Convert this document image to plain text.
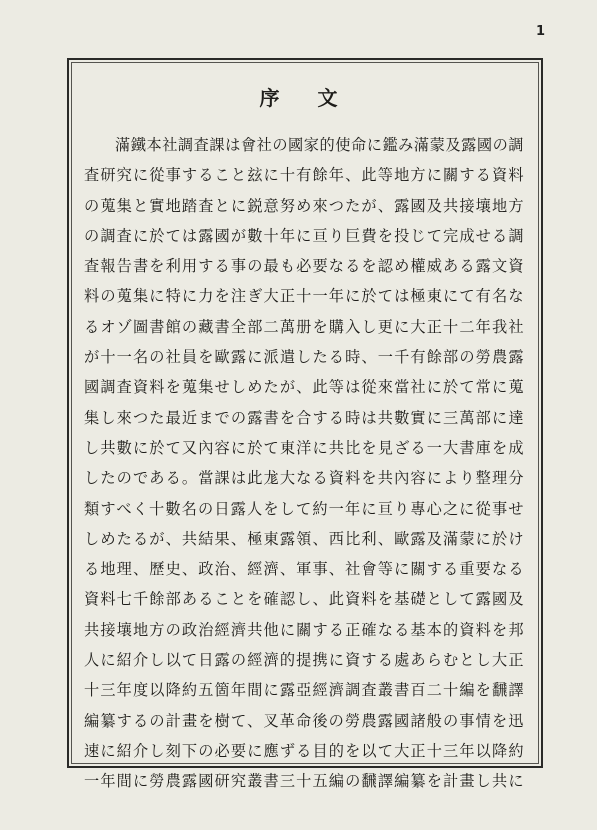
1
序文
滿鐵本社調査課は會社の國家的使命に鑑み滿蒙及露國の調
査研究に從事すること玆に十有餘年、此等地方に關する資料
の蒐集と實地踏査とに鋭意努め來つたが、露國及共接壤地方
の調査に於ては露國が數十年に亘り巨費を投じて完成せる調
査報告書を利用する事の最も必要なるを認め權威ある露文資
料の蒐集に特に力を注ぎ大正十一年に於ては極東にて有名な
るオゾ圖書館の藏書全部二萬册を購入し更に大正十二年我社
が十一名の社員を歐露に派遣したる時、一千有餘部の勞農露
國調査資料を蒐集せしめたが、此等は從來當社に於て常に蒐
集し來つた最近までの露書を合する時は共數實に三萬部に達
し共數に於て又內容に於て東洋に共比を見ざる一大書庫を成
したのである。當課は此尨大なる資料を共內容により整理分
類すべく十數名の日露人をして約一年に亘り專心之に從事せ
しめたるが、共結果、極東露領、西比利、歐露及滿蒙に於け
る地理、歷史、政治、經濟、軍事、社會等に關する重要なる
資料七千餘部あることを確認し、此資料を基礎として露國及
共接壤地方の政治經濟共他に關する正確なる基本的資料を邦
人に紹介し以て日露の經濟的提携に資する處あらむとし大正
十三年度以降約五箇年間に露亞經濟調査叢書百二十編を飜譯
編纂するの計畫を樹て、叉革命後の勞農露國諸般の事情を迅
速に紹介し刻下の必要に應ずる目的を以て大正十三年以降約
一年間に勞農露國研究叢書三十五編の飜譯編纂を計畫し共に
